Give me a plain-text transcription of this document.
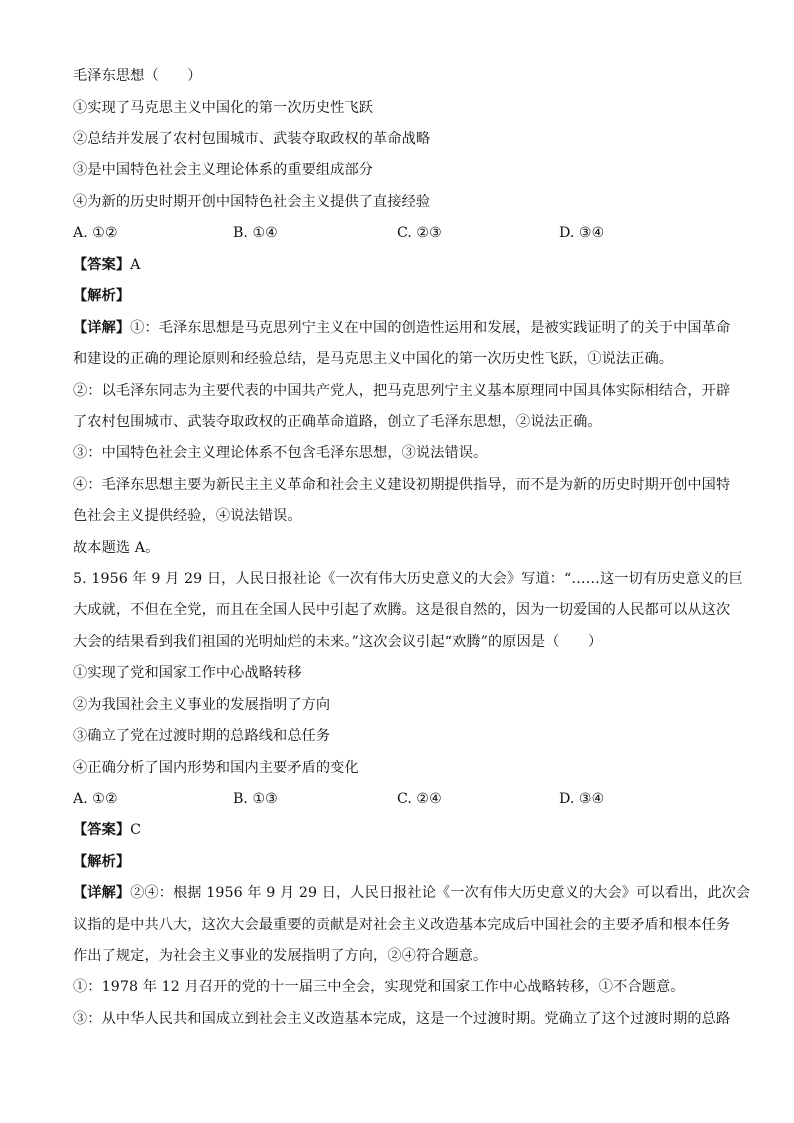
毛泽东思想（　　）
①实现了马克思主义中国化的第一次历史性飞跃
②总结并发展了农村包围城市、武装夺取政权的革命战略
③是中国特色社会主义理论体系的重要组成部分
④为新的历史时期开创中国特色社会主义提供了直接经验
A. ①②	B. ①④	C. ②③	D. ③④
【答案】A
【解析】
【详解】①：毛泽东思想是马克思列宁主义在中国的创造性运用和发展，是被实践证明了的关于中国革命
和建设的正确的理论原则和经验总结，是马克思主义中国化的第一次历史性飞跃，①说法正确。
②：以毛泽东同志为主要代表的中国共产党人，把马克思列宁主义基本原理同中国具体实际相结合，开辟
了农村包围城市、武装夺取政权的正确革命道路，创立了毛泽东思想，②说法正确。
③：中国特色社会主义理论体系不包含毛泽东思想，③说法错误。
④：毛泽东思想主要为新民主主义革命和社会主义建设初期提供指导，而不是为新的历史时期开创中国特
色社会主义提供经验，④说法错误。
故本题选 A。
5. 1956 年 9 月 29 日，人民日报社论《一次有伟大历史意义的大会》写道：“……这一切有历史意义的巨
大成就，不但在全党，而且在全国人民中引起了欢腾。这是很自然的，因为一切爱国的人民都可以从这次
大会的结果看到我们祖国的光明灿烂的未来。”这次会议引起“欢腾”的原因是（　　）
①实现了党和国家工作中心战略转移
②为我国社会主义事业的发展指明了方向
③确立了党在过渡时期的总路线和总任务
④正确分析了国内形势和国内主要矛盾的变化
A. ①②	B. ①③	C. ②④	D. ③④
【答案】C
【解析】
【详解】②④：根据 1956 年 9 月 29 日，人民日报社论《一次有伟大历史意义的大会》可以看出，此次会
议指的是中共八大，这次大会最重要的贡献是对社会主义改造基本完成后中国社会的主要矛盾和根本任务
作出了规定，为社会主义事业的发展指明了方向，②④符合题意。
①：1978 年 12 月召开的党的十一届三中全会，实现党和国家工作中心战略转移，①不合题意。
③：从中华人民共和国成立到社会主义改造基本完成，这是一个过渡时期。党确立了这个过渡时期的总路
